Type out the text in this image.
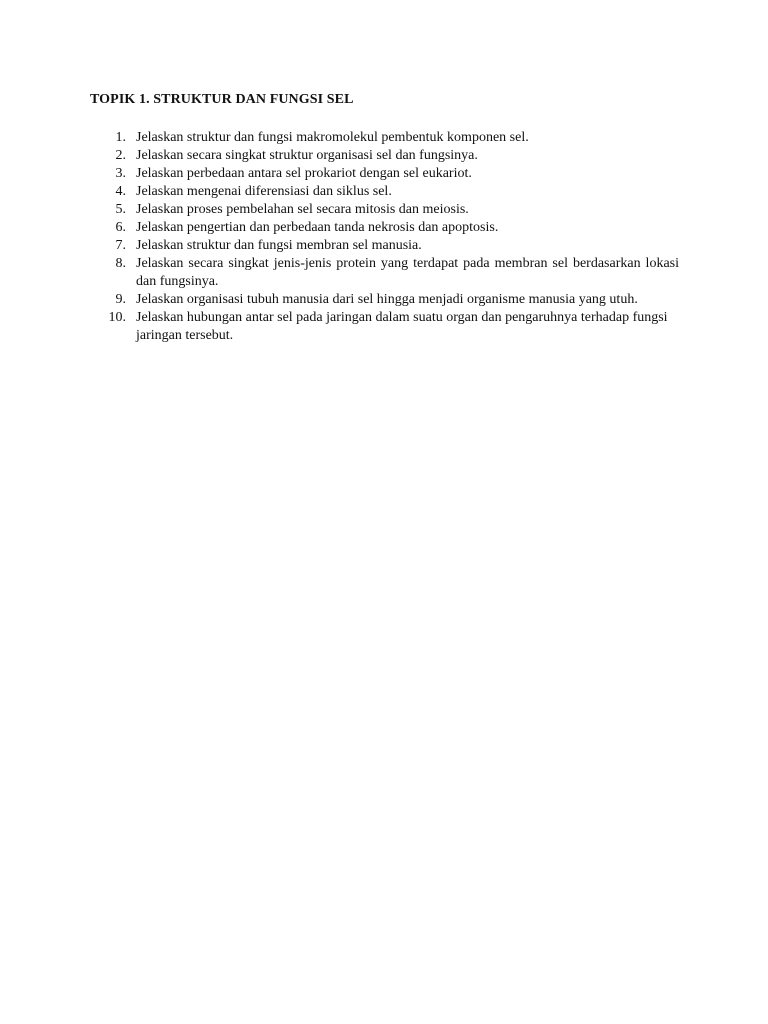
TOPIK 1. STRUKTUR DAN FUNGSI SEL
1. Jelaskan struktur dan fungsi makromolekul pembentuk komponen sel.
2. Jelaskan secara singkat struktur organisasi sel dan fungsinya.
3. Jelaskan perbedaan antara sel prokariot dengan sel eukariot.
4. Jelaskan mengenai diferensiasi dan siklus sel.
5. Jelaskan proses pembelahan sel secara mitosis dan meiosis.
6. Jelaskan pengertian dan perbedaan tanda nekrosis dan apoptosis.
7. Jelaskan struktur dan fungsi membran sel manusia.
8. Jelaskan secara singkat jenis-jenis protein yang terdapat pada membran sel berdasarkan lokasi dan fungsinya.
9. Jelaskan organisasi tubuh manusia dari sel hingga menjadi organisme manusia yang utuh.
10. Jelaskan hubungan antar sel pada jaringan dalam suatu organ dan pengaruhnya terhadap fungsi jaringan tersebut.
